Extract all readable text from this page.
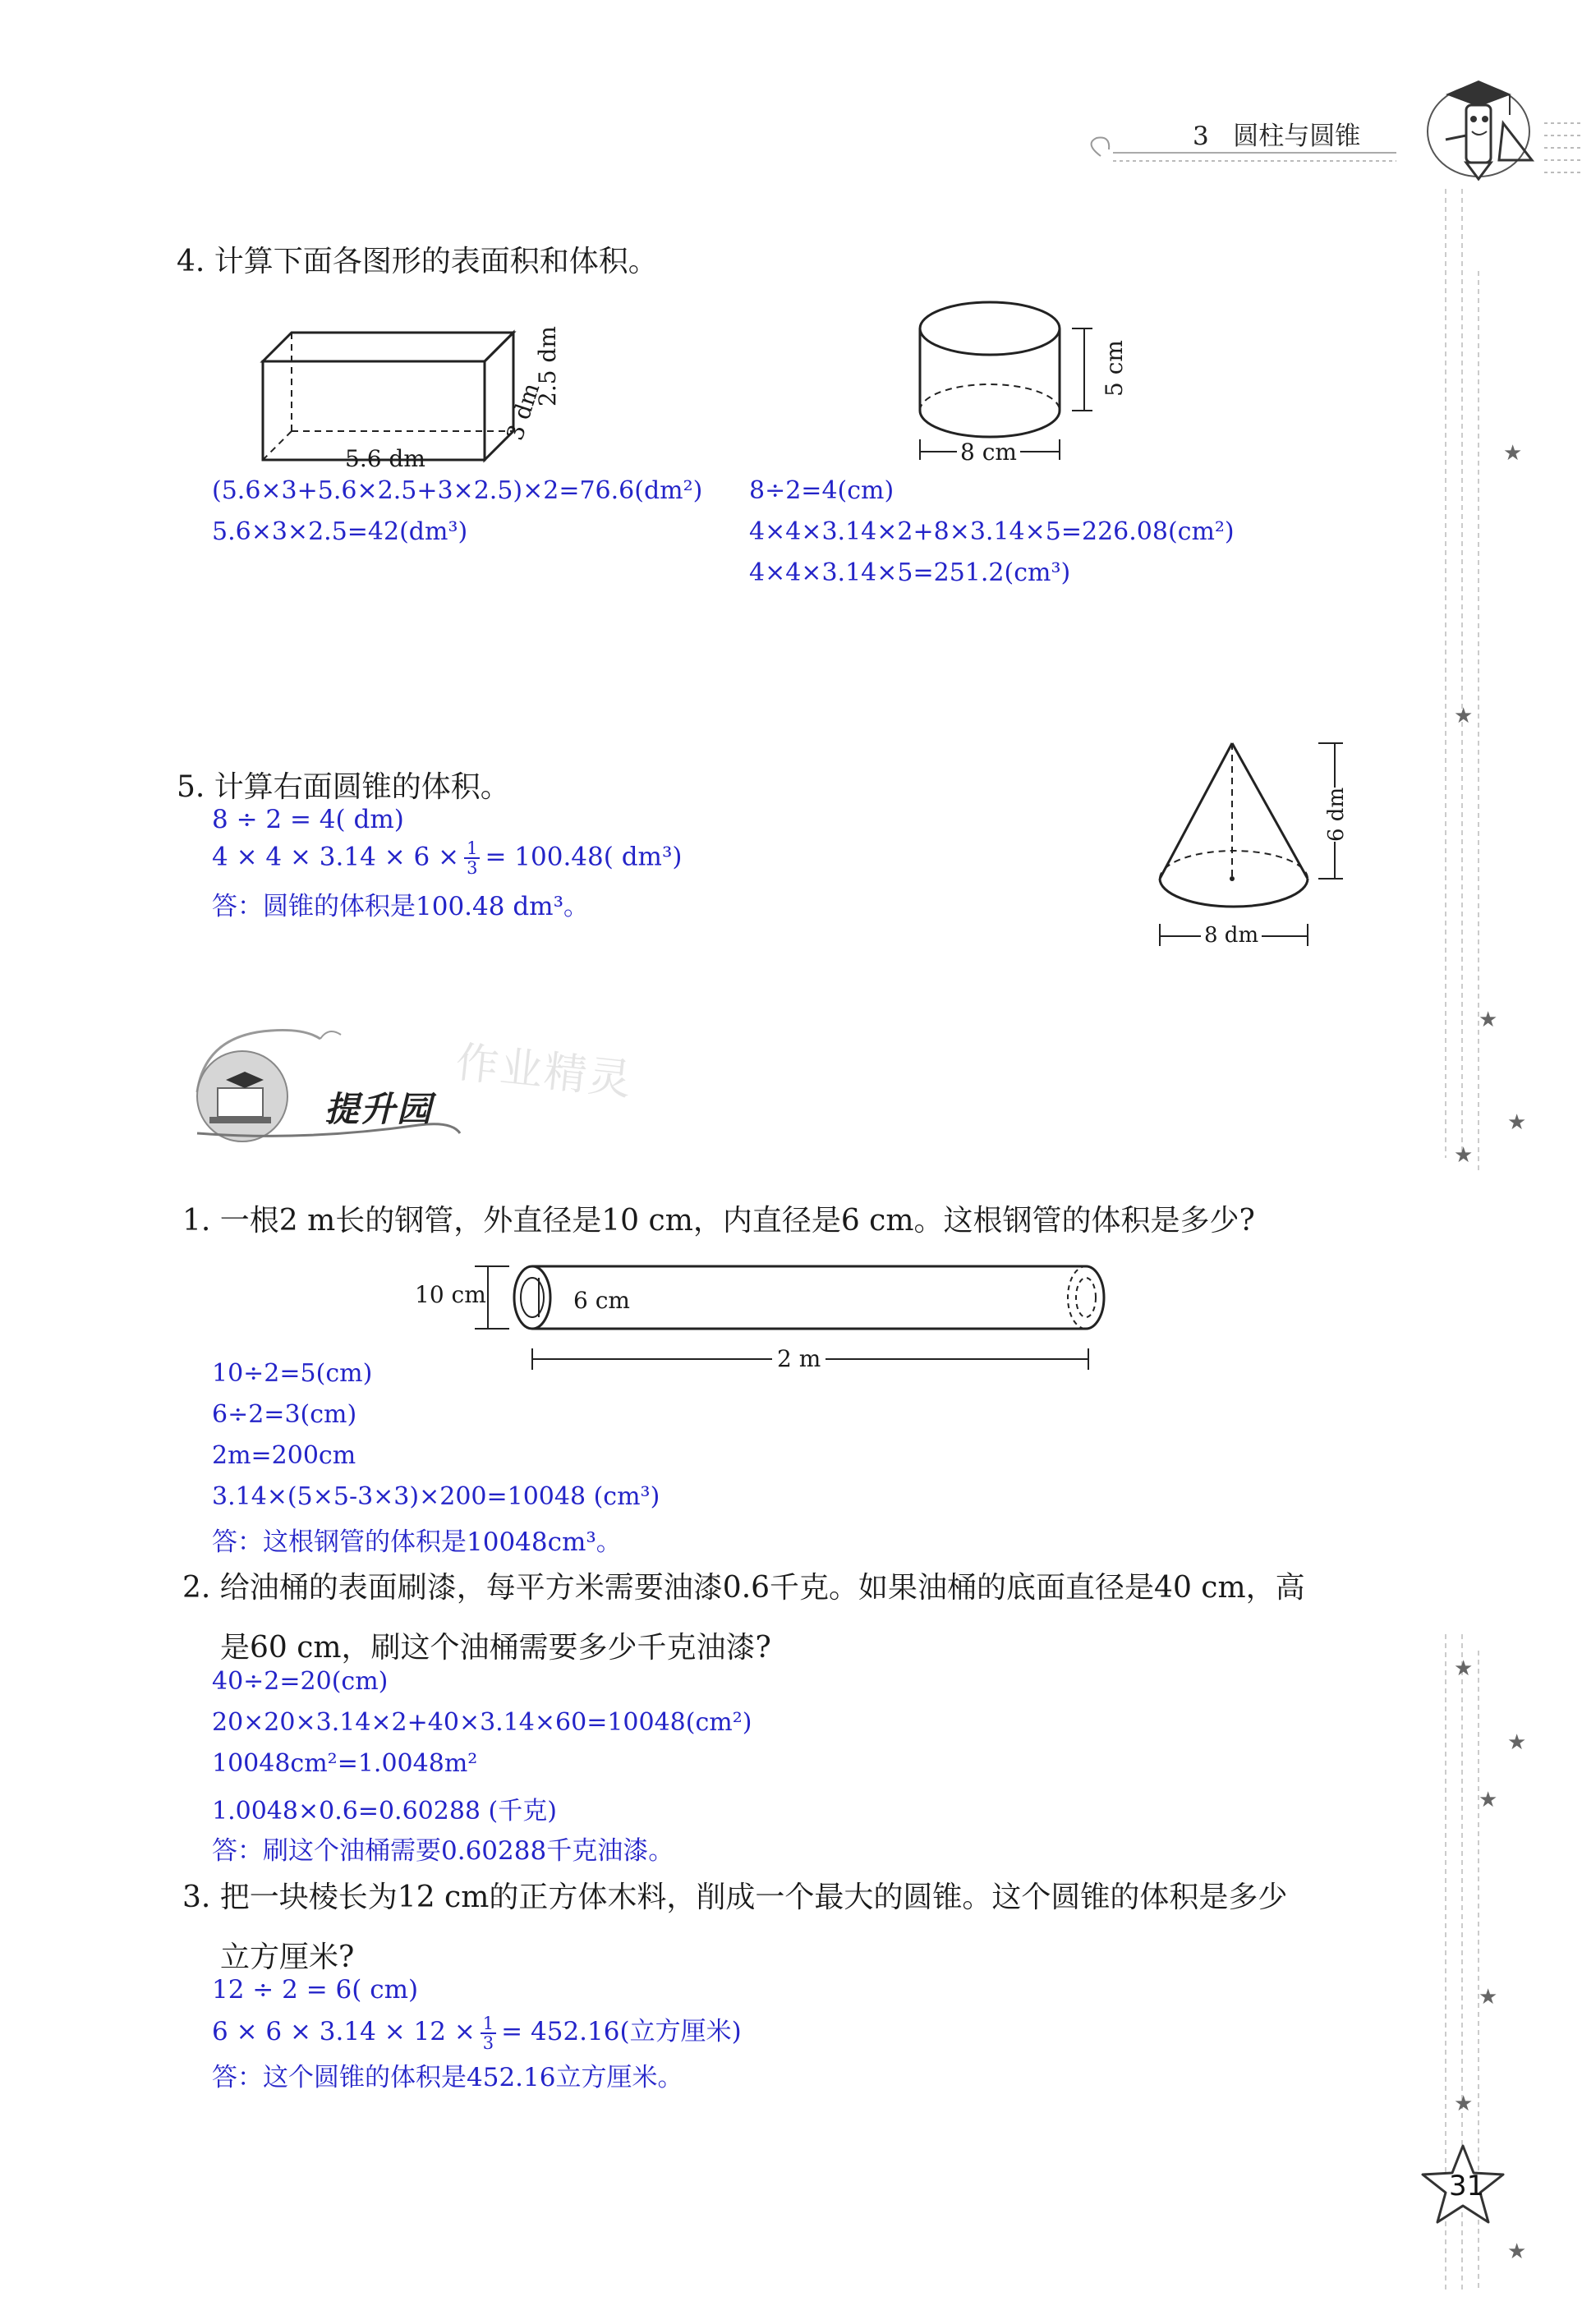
3 圆柱与圆锥
★
★
★
★
★
★
★
★
★
★
★
4. 计算下面各图形的表面积和体积。
5.6 dm
3 dm
2.5 dm
(5.6×3+5.6×2.5+3×2.5)×2=76.6(dm²)
5.6×3×2.5=42(dm³)
8 cm
5 cm
8÷2=4(cm)
4×4×3.14×2+8×3.14×5=226.08(cm²)
4×4×3.14×5=251.2(cm³)
5. 计算右面圆锥的体积。
8 ÷ 2 = 4( dm)
$4 \times 4 \times 3.14 \times 6 \times \frac{1}{3} = 100.48$( dm³)
答：圆锥的体积是100.48 dm³。
8 dm
6 dm
提升园
作业精灵
1. 一根2 m长的钢管，外直径是10 cm，内直径是6 cm。这根钢管的体积是多少?
10 cm	6 cm
2 m
10÷2=5(cm)
6÷2=3(cm)
2m=200cm
3.14×(5×5-3×3)×200=10048 (cm³)
答：这根钢管的体积是10048cm³。
2. 给油桶的表面刷漆，每平方米需要油漆0.6千克。如果油桶的底面直径是40 cm，高
是60 cm，刷这个油桶需要多少千克油漆?
40÷2=20(cm)
20×20×3.14×2+40×3.14×60=10048(cm²)
10048cm²=1.0048m²
1.0048×0.6=0.60288 (千克)
答：刷这个油桶需要0.60288千克油漆。
3. 把一块棱长为12 cm的正方体木料，削成一个最大的圆锥。这个圆锥的体积是多少
立方厘米?
12 ÷ 2 = 6( cm)
$6 \times 6 \times 3.14 \times 12 \times \frac{1}{3} = 452.16$(立方厘米)
答：这个圆锥的体积是452.16立方厘米。
31
